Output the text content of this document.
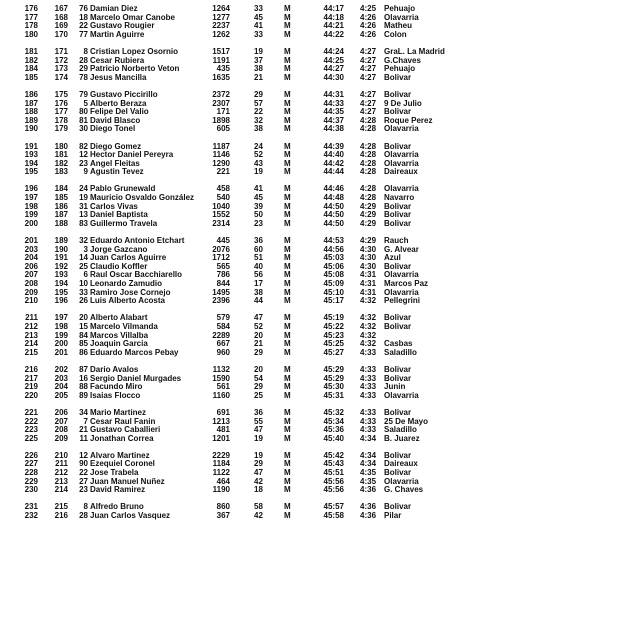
176	167	76 Damian Diez	1264	33	M	44:17 4:25 Pehuajo
177	168	18 Marcelo Omar Canobe	1277	45	M	44:18 4:26 Olavarria
178	169	22 Gustavo Rougier	2237	41	M	44:21 4:26 Matheu
180	170	77 Martin Aguirre	1262	33	M	44:22 4:26 Colon
181	171	8 Cristian Lopez Osornio	1517	19	M	44:24 4:27 GraL. La Madrid
182	172	28 Cesar Rubiera	1191	37	M	44:25 4:27 G.Chaves
184	173	29 Patricio Norberto Veton	435	38	M	44:27 4:27 Pehuajo
185	174	78 Jesus Mancilla	1635	21	M	44:30 4:27 Bolivar
186	175	79 Gustavo Piccirillo	2372	29	M	44:31 4:27 Bolivar
187	176	5 Alberto Beraza	2307	57	M	44:33 4:27 9 De Julio
188	177	80 Felipe Del Valio	171	22	M	44:35 4:27 Bolivar
189	178	81 David Blasco	1898	32	M	44:37 4:28 Roque Perez
190	179	30 Diego Tonel	605	38	M	44:38 4:28 Olavarria
191	180	82 Diego Gomez	1187	24	M	44:39 4:28 Bolivar
193	181	12 Hector Daniel Pereyra	1146	52	M	44:40 4:28 Olavarria
194	182	23 Angel Fleitas	1290	43	M	44:42 4:28 Olavarria
195	183	9 Agustin Tevez	221	19	M	44:44 4:28 Daireaux
196	184	24 Pablo Grunewald	458	41	M	44:46 4:28 Olavarria
197	185	19 Mauricio Osvaldo González	540	45	M	44:48 4:28 Navarro
198	186	31 Carlos Vivas	1040	39	M	44:50 4:29 Bolivar
199	187	13 Daniel Baptista	1552	50	M	44:50 4:29 Bolivar
200	188	83 Guillermo Travela	2314	23	M	44:50 4:29 Bolivar
201	189	32 Eduardo Antonio Etchart	445	36	M	44:53 4:29 Rauch
203	190	3 Jorge Gazcano	2076	60	M	44:56 4:30 G. Alvear
204	191	14 Juan Carlos Aguirre	1712	51	M	45:03 4:30 Azul
206	192	25 Claudio Koffler	565	40	M	45:06 4:30 Bolivar
207	193	6 Raul Oscar Bacchiarello	786	56	M	45:08 4:31 Olavarria
208	194	10 Leonardo Zamudio	844	17	M	45:09 4:31 Marcos Paz
209	195	33 Ramiro Jose Cornejo	1495	38	M	45:10 4:31 Olavarria
210	196	26 Luis Alberto Acosta	2396	44	M	45:17 4:32 Pellegrini
211	197	20 Alberto Alabart	579	47	M	45:19 4:32 Bolivar
212	198	15 Marcelo Vilmanda	584	52	M	45:22 4:32 Bolivar
213	199	84 Marcos Villalba	2289	20	M	45:23 4:32
214	200	85 Joaquin Garcia	667	21	M	45:25 4:32 Casbas
215	201	86 Eduardo Marcos Pebay	960	29	M	45:27 4:33 Saladillo
216	202	87 Dario Avalos	1132	20	M	45:29 4:33 Bolivar
217	203	16 Sergio Daniel Murgades	1590	54	M	45:29 4:33 Bolivar
219	204	88 Facundo Miro	561	29	M	45:30 4:33 Junin
220	205	89 Isaias Flocco	1160	25	M	45:31 4:33 Olavarria
221	206	34 Mario Martinez	691	36	M	45:32 4:33 Bolivar
222	207	7 Cesar Raul Fanin	1213	55	M	45:34 4:33 25 De Mayo
223	208	21 Gustavo Caballieri	481	47	M	45:36 4:33 Saladillo
225	209	11 Jonathan Correa	1201	19	M	45:40 4:34 B. Juarez
226	210	12 Alvaro Martinez	2229	19	M	45:42 4:34 Bolivar
227	211	90 Ezequiel Coronel	1184	29	M	45:43 4:34 Daireaux
228	212	22 Jose Trabela	1122	47	M	45:51 4:35 Bolivar
229	213	27 Juan Manuel Nuñez	464	42	M	45:56 4:35 Olavarria
230	214	23 David Ramirez	1190	18	M	45:56 4:36 G. Chaves
231	215	8 Alfredo Bruno	860	58	M	45:57 4:36 Bolivar
232	216	28 Juan Carlos Vasquez	367	42	M	45:58 4:36 Pilar
